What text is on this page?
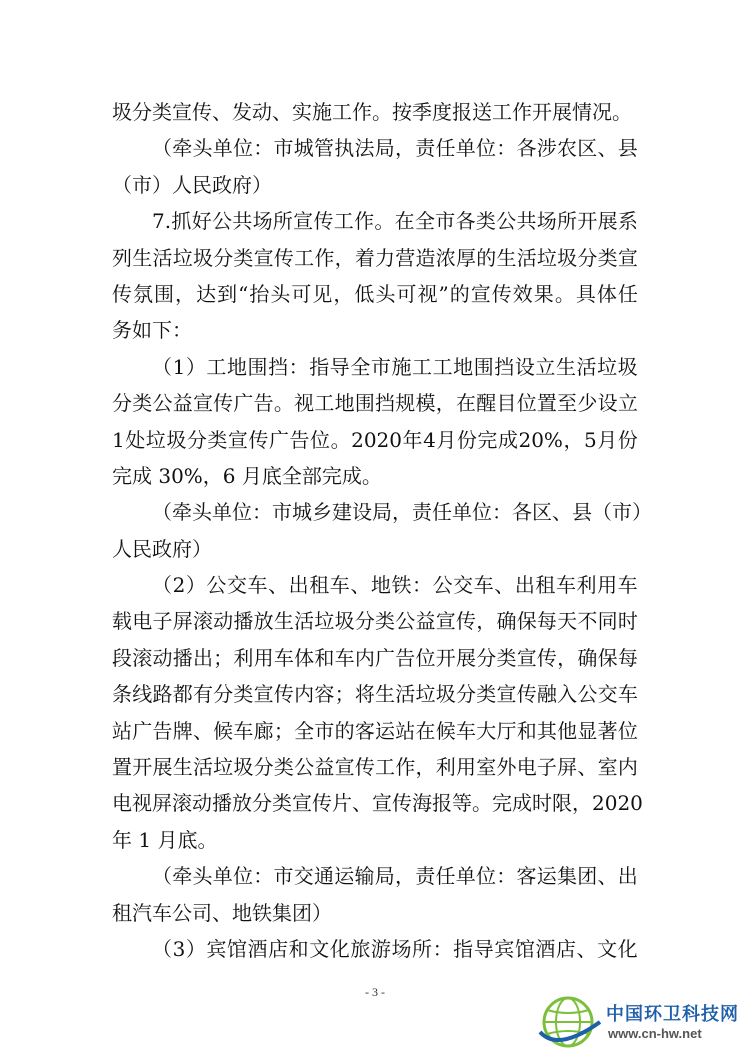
圾分类宣传、发动、实施工作。按季度报送工作开展情况。
（ 牵 头 单 位 ： 市 城 管 执 法 局 ， 责 任 单 位 ： 各 涉 农 区 、 县
（市）人民政府）
7. 抓 好 公 共 场 所 宣 传 工 作 。 在 全 市 各 类 公 共 场 所 开 展 系
列 生 活 垃 圾 分 类 宣 传 工 作 ， 着 力 营 造 浓 厚 的 生 活 垃 圾 分 类 宣
传 氛 围 ， 达 到 “ 抬 头 可 见 ， 低 头 可 视 ” 的 宣 传 效 果 。 具 体 任
务如下：
（ 1 ） 工 地 围 挡 ： 指 导 全 市 施 工 工 地 围 挡 设 立 生 活 垃 圾
分 类 公 益 宣 传 广 告 。 视 工 地 围 挡 规 模 ， 在 醒 目 位 置 至 少 设 立
1 处 垃 圾 分 类 宣 传 广 告 位 。 2020 年 4 月 份 完 成 20% ， 5 月 份
完成 30%，6 月底全部完成。
（ 牵 头 单 位 ： 市 城 乡 建 设 局 ， 责 任 单 位 ： 各 区 、 县 （ 市 ）
人民政府）
（ 2 ） 公 交 车 、 出 租 车 、 地 铁 ： 公 交 车 、 出 租 车 利 用 车
载 电 子 屏 滚 动 播 放 生 活 垃 圾 分 类 公 益 宣 传 ， 确 保 每 天 不 同 时
段 滚 动 播 出 ； 利 用 车 体 和 车 内 广 告 位 开 展 分 类 宣 传 ， 确 保 每
条 线 路 都 有 分 类 宣 传 内 容 ； 将 生 活 垃 圾 分 类 宣 传 融 入 公 交 车
站 广 告 牌 、 候 车 廊 ； 全 市 的 客 运 站 在 候 车 大 厅 和 其 他 显 著 位
置 开 展 生 活 垃 圾 分 类 公 益 宣 传 工 作 ， 利 用 室 外 电 子 屏 、 室 内
电 视 屏 滚 动 播 放 分 类 宣 传 片 、 宣 传 海 报 等 。 完 成 时 限 ， 2020
年 1 月底。
（ 牵 头 单 位 ： 市 交 通 运 输 局 ， 责 任 单 位 ： 客 运 集 团 、 出
租汽车公司、地铁集团）
（ 3 ） 宾 馆 酒 店 和 文 化 旅 游 场 所 ： 指 导 宾 馆 酒 店 、 文 化
- 3 -
中国环卫科技网
www.cn-hw.net
